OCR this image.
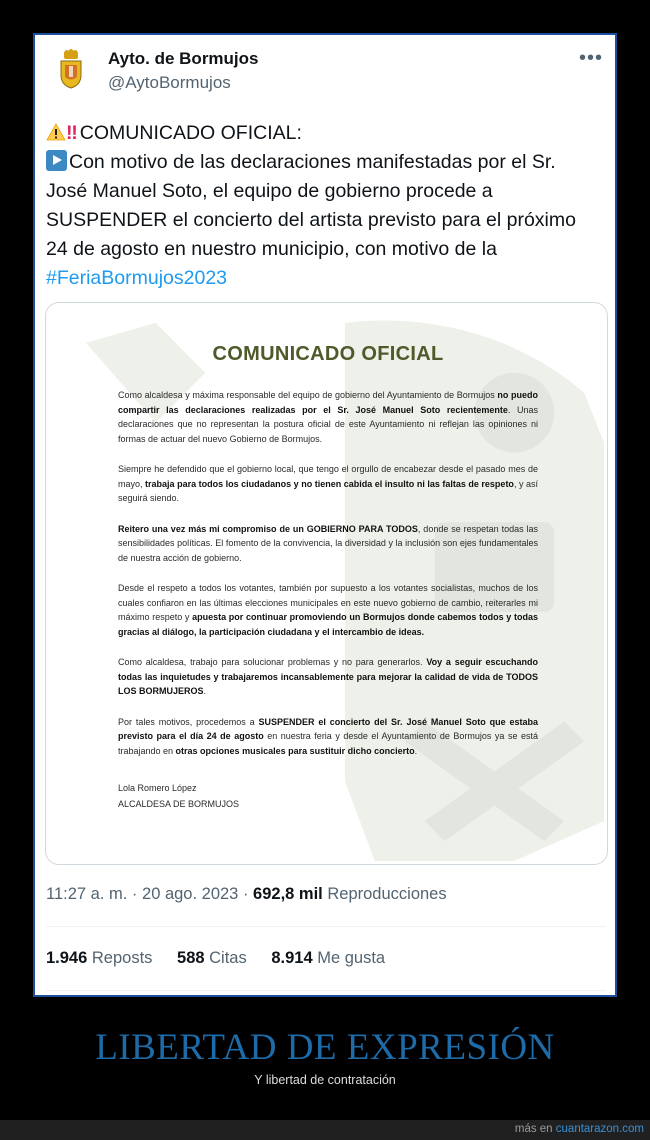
Ayto. de Bormujos
@AytoBormujos
•••
‼ COMUNICADO OFICIAL:
Con motivo de las declaraciones manifestadas por el Sr.
José Manuel Soto, el equipo de gobierno procede a
SUSPENDER el concierto del artista previsto para el próximo
24 de agosto en nuestro municipio, con motivo de la
#FeriaBormujos2023
COMUNICADO OFICIAL

Como alcaldesa y máxima responsable del equipo de gobierno del Ayuntamiento de Bormujos no puedo compartir las declaraciones realizadas por el Sr. José Manuel Soto recientemente. Unas declaraciones que no representan la postura oficial de este Ayuntamiento ni reflejan las opiniones ni formas de actuar del nuevo Gobierno de Bormujos.

Siempre he defendido que el gobierno local, que tengo el orgullo de encabezar desde el pasado mes de mayo, trabaja para todos los ciudadanos y no tienen cabida el insulto ni las faltas de respeto, y así seguirá siendo.

Reitero una vez más mi compromiso de un GOBIERNO PARA TODOS, donde se respetan todas las sensibilidades políticas. El fomento de la convivencia, la diversidad y la inclusión son ejes fundamentales de nuestra acción de gobierno.

Desde el respeto a todos los votantes, también por supuesto a los votantes socialistas, muchos de los cuales confiaron en las últimas elecciones municipales en este nuevo gobierno de cambio, reiterarles mi máximo respeto y apuesta por continuar promoviendo un Bormujos donde cabemos todos y todas gracias al diálogo, la participación ciudadana y el intercambio de ideas.

Como alcaldesa, trabajo para solucionar problemas y no para generarlos. Voy a seguir escuchando todas las inquietudes y trabajaremos incansablemente para mejorar la calidad de vida de TODOS LOS BORMUJEROS.

Por tales motivos, procedemos a SUSPENDER el concierto del Sr. José Manuel Soto que estaba previsto para el día 24 de agosto en nuestra feria y desde el Ayuntamiento de Bormujos ya se está trabajando en otras opciones musicales para sustituir dicho concierto.

Lola Romero López
ALCALDESA DE BORMUJOS
11:27 a. m. · 20 ago. 2023 · 692,8 mil Reproducciones
1.946 Reposts 588 Citas 8.914 Me gusta
LIBERTAD DE EXPRESIÓN
Y libertad de contratación
más en cuantarazon.com
